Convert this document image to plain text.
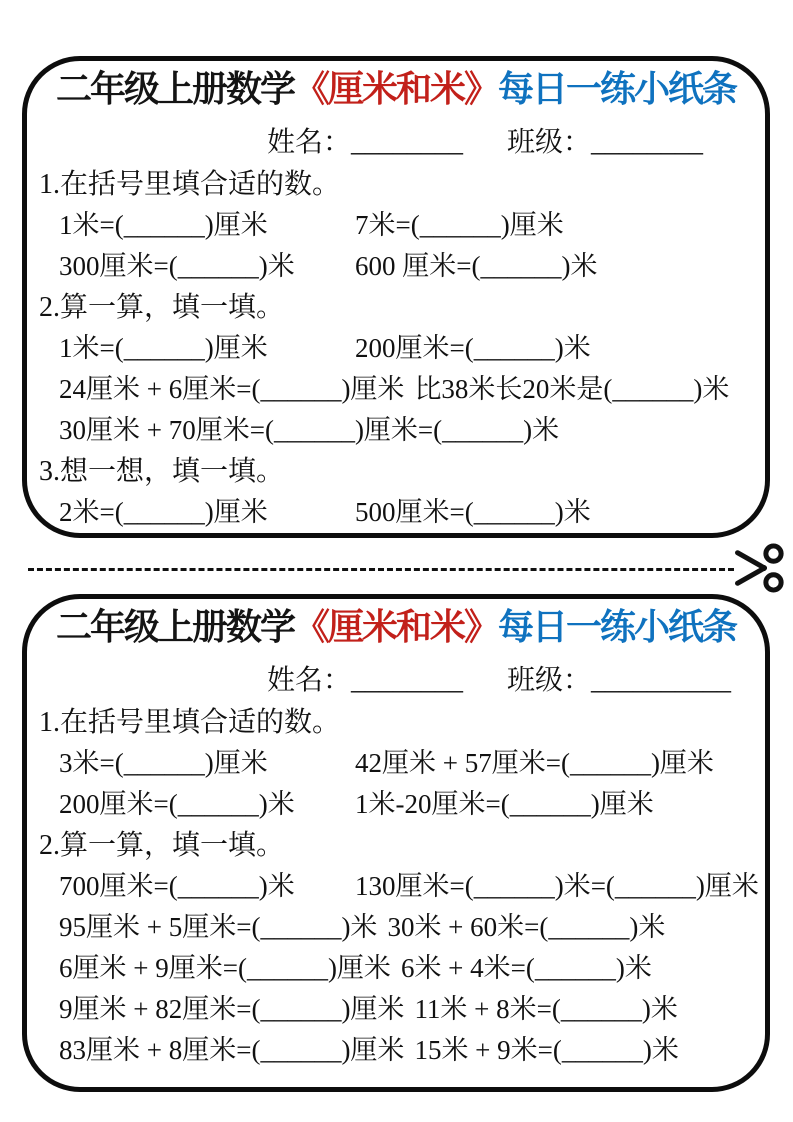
二年级上册数学《厘米和米》每日一练小纸条
姓名：________ 班级：________
1.在括号里填合适的数。
1米=(______)厘米	7米=(______)厘米
300厘米=(______)米	600 厘米=(______)米
2.算一算，填一填。
1米=(______)厘米	200厘米=(______)米
24厘米 + 6厘米=(______)厘米 比38米长20米是(______)米
30厘米 + 70厘米=(______)厘米=(______)米
3.想一想，填一填。
2米=(______)厘米	500厘米=(______)米
二年级上册数学《厘米和米》每日一练小纸条
姓名：________ 班级：__________
1.在括号里填合适的数。
3米=(______)厘米	42厘米 + 57厘米=(______)厘米
200厘米=(______)米	1米-20厘米=(______)厘米
2.算一算，填一填。
700厘米=(______)米	130厘米=(______)米=(______)厘米
95厘米 + 5厘米=(______)米 30米 + 60米=(______)米
6厘米 + 9厘米=(______)厘米 6米 + 4米=(______)米
9厘米 + 82厘米=(______)厘米 11米 + 8米=(______)米
83厘米 + 8厘米=(______)厘米 15米 + 9米=(______)米
